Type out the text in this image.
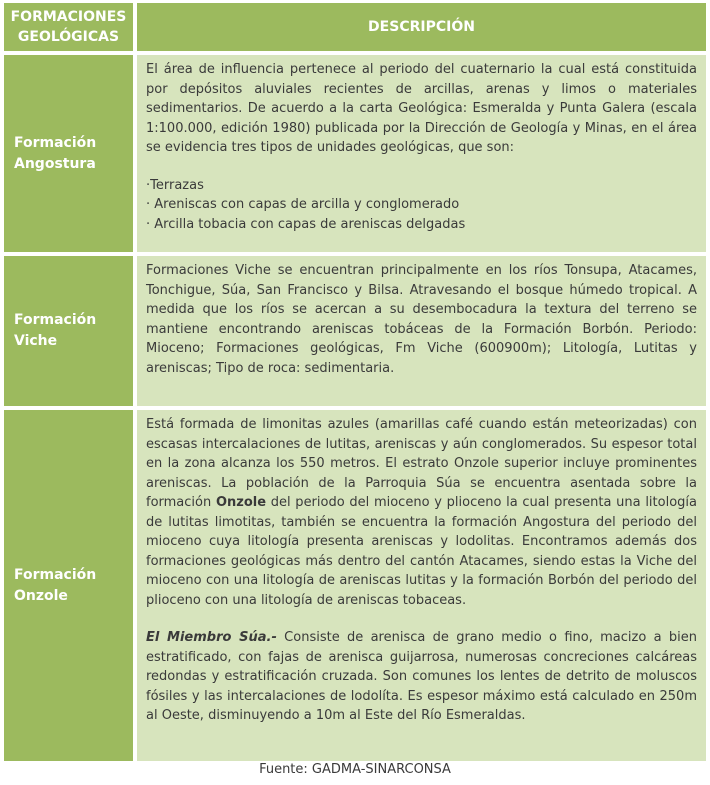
FORMACIONES GEOLÓGICAS
DESCRIPCIÓN
Formación Angostura
El área de influencia pertenece al periodo del cuaternario la cual está constituida por depósitos aluviales recientes de arcillas, arenas y limos o materiales sedimentarios. De acuerdo a la carta Geológica: Esmeralda y Punta Galera (escala 1:100.000, edición 1980) publicada por la Dirección de Geología y Minas, en el área se evidencia tres tipos de unidades geológicas, que son:
·Terrazas
· Areniscas con capas de arcilla y conglomerado
· Arcilla tobacia con capas de areniscas delgadas
Formación Viche
Formaciones Viche se encuentran principalmente en los ríos Tonsupa, Atacames, Tonchigue, Súa, San Francisco y Bilsa. Atravesando el bosque húmedo tropical. A medida que los ríos se acercan a su desembocadura la textura del terreno se mantiene encontrando areniscas tobáceas de la Formación Borbón. Periodo: Mioceno; Formaciones geológicas, Fm Viche (600900m); Litología, Lutitas y areniscas; Tipo de roca: sedimentaria.
Formación Onzole
Está formada de limonitas azules (amarillas café cuando están meteorizadas) con escasas intercalaciones de lutitas, areniscas y aún conglomerados. Su espesor total en la zona alcanza los 550 metros. El estrato Onzole superior incluye prominentes areniscas. La población de la Parroquia Súa se encuentra asentada sobre la formación Onzole del periodo del mioceno y plioceno la cual presenta una litología de lutitas limotitas, también se encuentra la formación Angostura del periodo del mioceno cuya litología presenta areniscas y lodolitas. Encontramos además dos formaciones geológicas más dentro del cantón Atacames, siendo estas la Viche del mioceno con una litología de areniscas lutitas y la formación Borbón del periodo del plioceno con una litología de areniscas tobaceas.
El Miembro Súa.- Consiste de arenisca de grano medio o fino, macizo a bien estratificado, con fajas de arenisca guijarrosa, numerosas concreciones calcáreas redondas y estratificación cruzada. Son comunes los lentes de detrito de moluscos fósiles y las intercalaciones de lodolíta. Es espesor máximo está calculado en 250m al Oeste, disminuyendo a 10m al Este del Río Esmeraldas.
Fuente: GADMA-SINARCONSA
